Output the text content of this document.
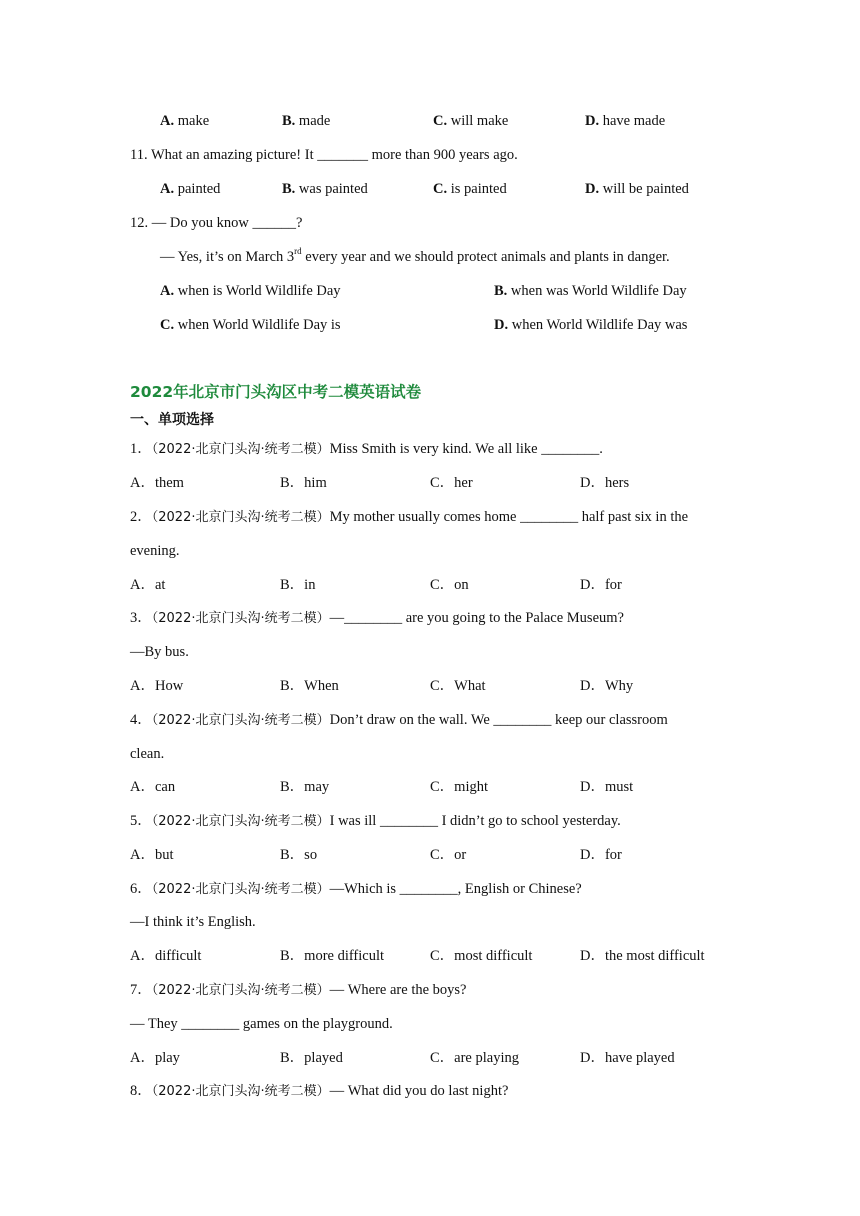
A. make	B. made	C. will make	D. have made
11. What an amazing picture! It _______ more than 900 years ago.
A. painted	B. was painted	C. is painted	D. will be painted
12. — Do you know ______?
— Yes, it’s on March 3rd every year and we should protect animals and plants in danger.
A. when is World Wildlife Day	B. when was World Wildlife Day
C. when World Wildlife Day is	D. when World Wildlife Day was
2022年北京市门头沟区中考二模英语试卷
一、单项选择
1．（2022·北京门头沟·统考二模）Miss Smith is very kind. We all like ________.
A．them	B．him	C．her	D．hers
2．（2022·北京门头沟·统考二模）My mother usually comes home ________ half past six in the
evening.
A．at	B．in	C．on	D．for
3．（2022·北京门头沟·统考二模）—________ are you going to the Palace Museum?
—By bus.
A．How	B．When	C．What	D．Why
4．（2022·北京门头沟·统考二模）Don’t draw on the wall. We ________ keep our classroom
clean.
A．can	B．may	C．might	D．must
5．（2022·北京门头沟·统考二模）I was ill ________ I didn’t go to school yesterday.
A．but	B．so	C．or	D．for
6．（2022·北京门头沟·统考二模）—Which is ________, English or Chinese?
—I think it’s English.
A．difficult	B．more difficult	C．most difficult	D．the most difficult
7．（2022·北京门头沟·统考二模）— Where are the boys?
— They ________ games on the playground.
A．play	B．played	C．are playing	D．have played
8．（2022·北京门头沟·统考二模）— What did you do last night?
